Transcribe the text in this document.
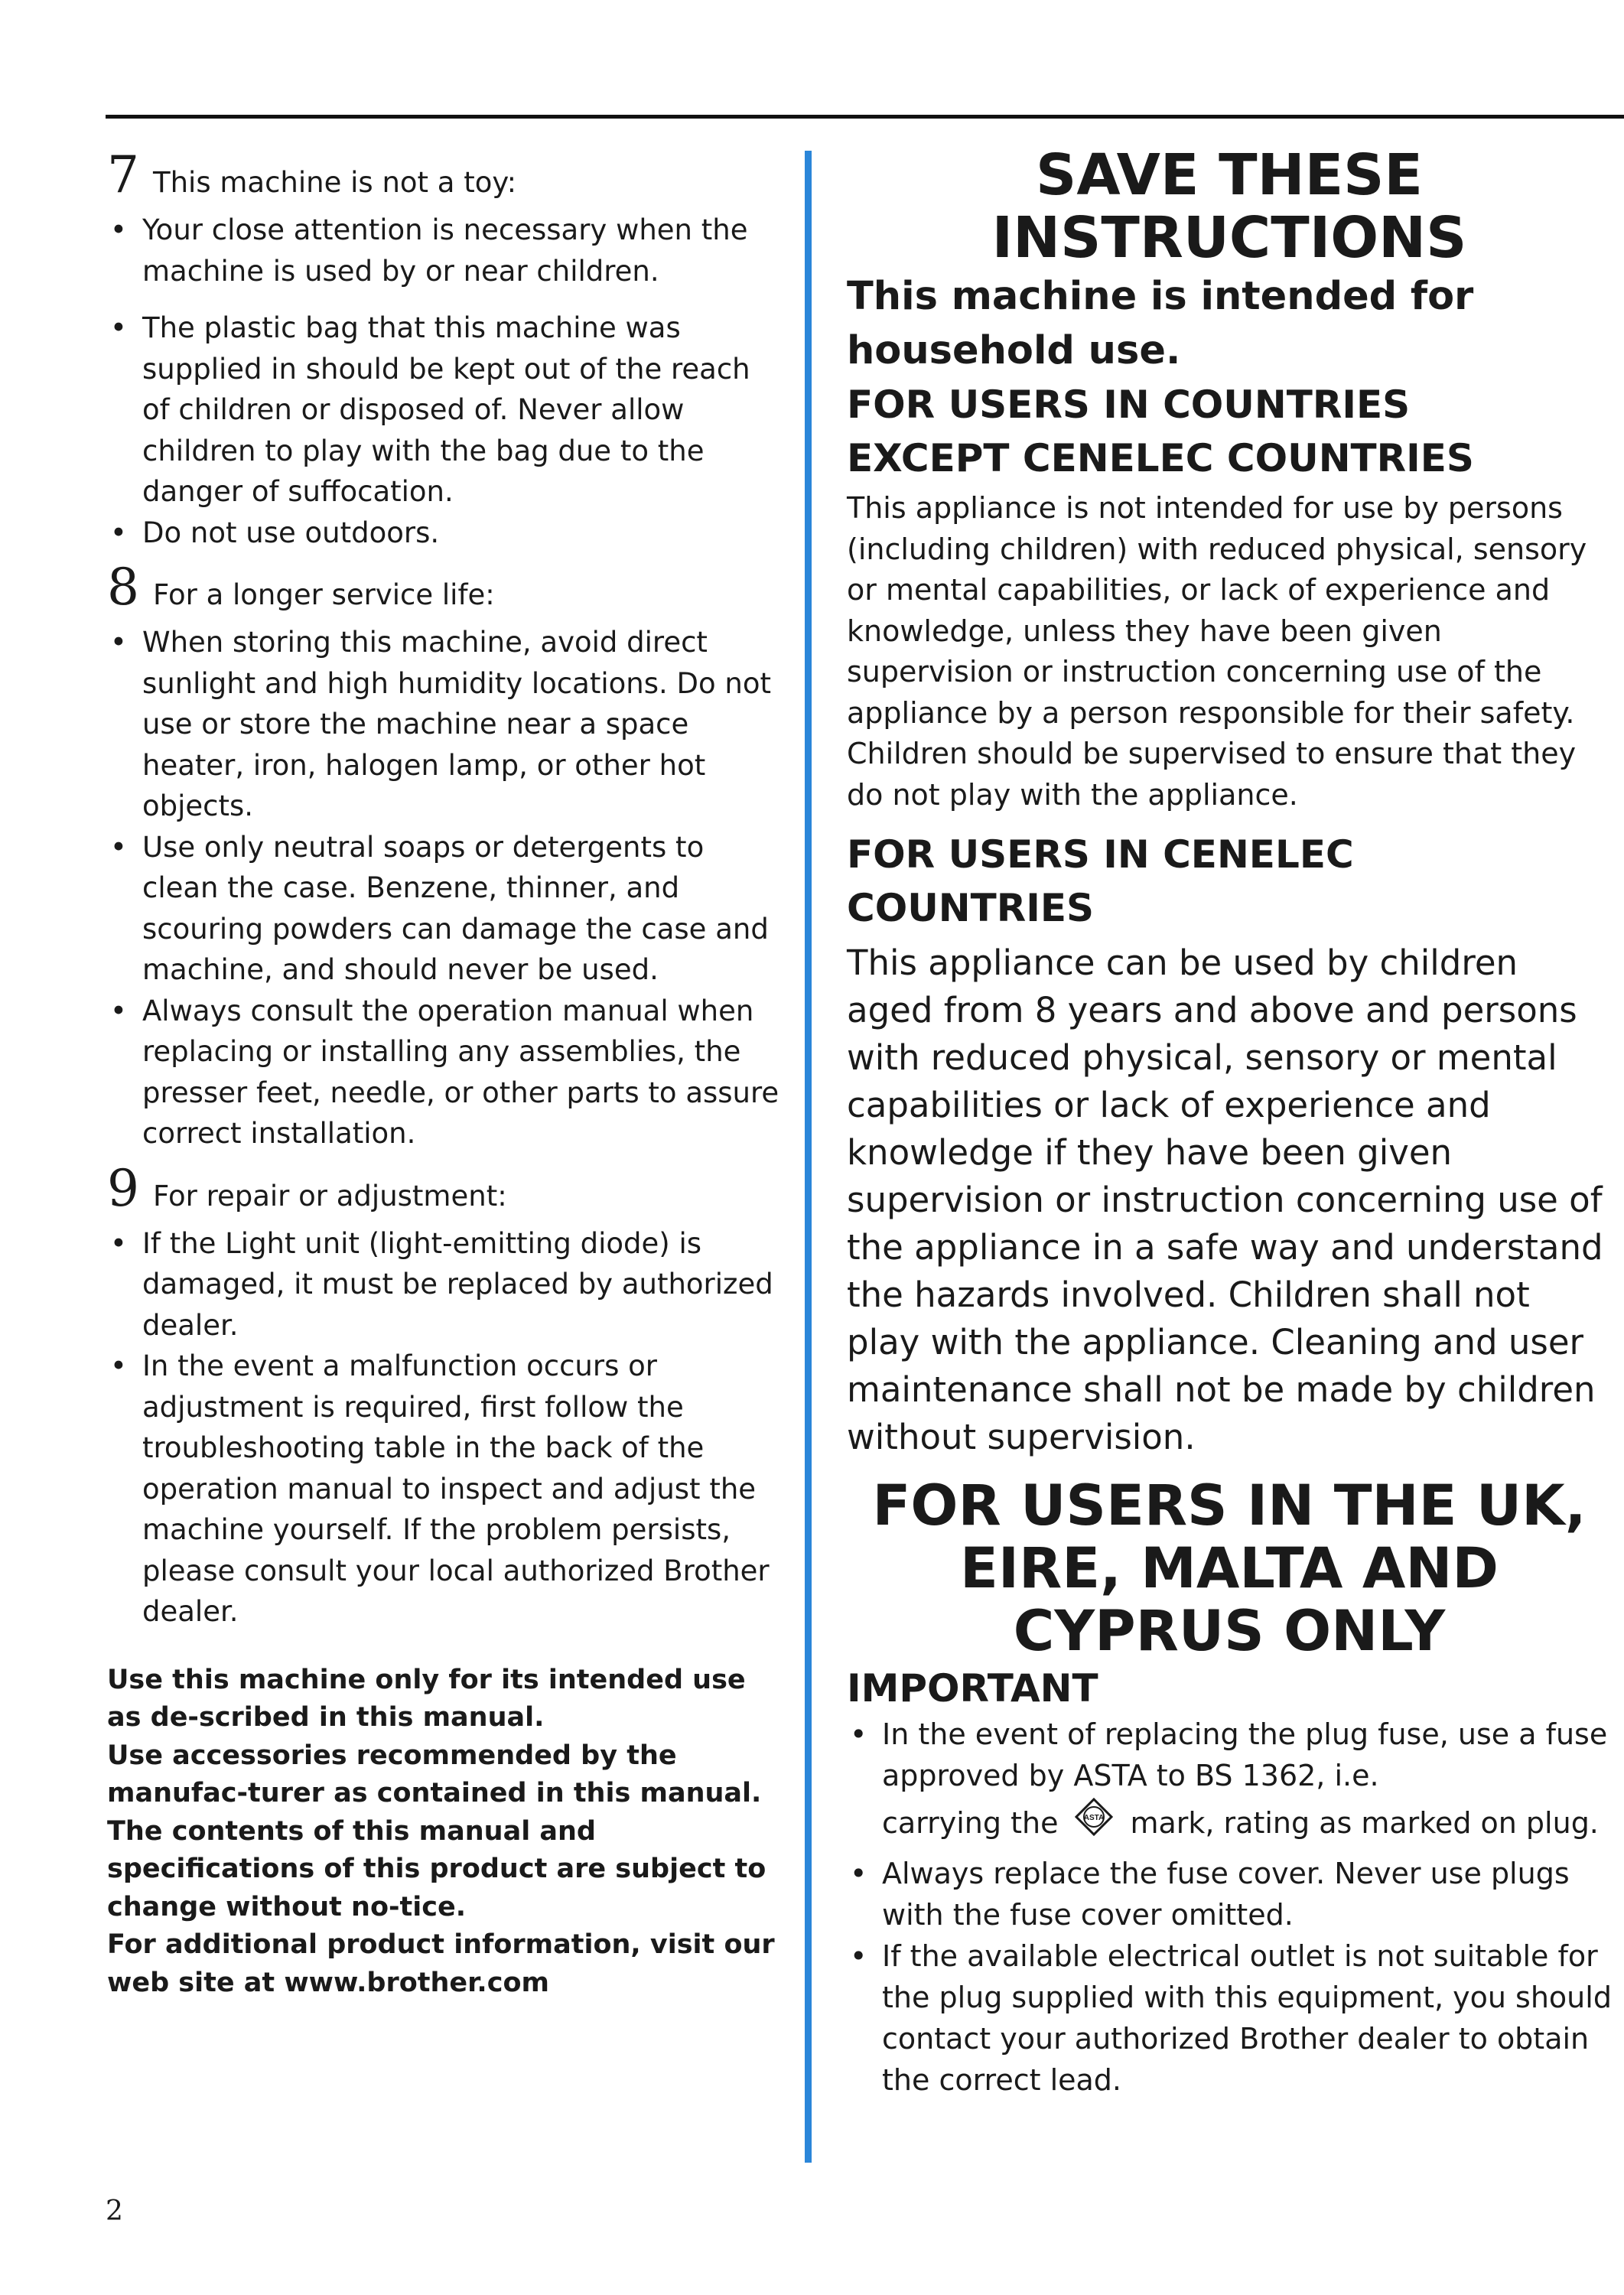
7 This machine is not a toy:
• Your close attention is necessary when the machine is used by or near children.
• The plastic bag that this machine was supplied in should be kept out of the reach of children or disposed of. Never allow children to play with the bag due to the danger of suffocation.
• Do not use outdoors.
8 For a longer service life:
• When storing this machine, avoid direct sunlight and high humidity locations. Do not use or store the machine near a space heater, iron, halogen lamp, or other hot objects.
• Use only neutral soaps or detergents to clean the case. Benzene, thinner, and scouring powders can damage the case and machine, and should never be used.
• Always consult the operation manual when replacing or installing any assemblies, the presser feet, needle, or other parts to assure correct installation.
9 For repair or adjustment:
• If the Light unit (light-emitting diode) is damaged, it must be replaced by authorized dealer.
• In the event a malfunction occurs or adjustment is required, first follow the troubleshooting table in the back of the operation manual to inspect and adjust the machine yourself. If the problem persists, please consult your local authorized Brother dealer.

Use this machine only for its intended use as de-scribed in this manual.

Use accessories recommended by the manufac-turer as contained in this manual.

The contents of this manual and specifications of this product are subject to change without no-tice.

For additional product information, visit our web site at www.brother.com

SAVE THESE INSTRUCTIONS

This machine is intended for household use.

FOR USERS IN COUNTRIES EXCEPT CENELEC COUNTRIES

This appliance is not intended for use by persons (including children) with reduced physical, sensory or mental capabilities, or lack of experience and knowledge, unless they have been given supervision or instruction concerning use of the appliance by a person responsible for their safety. Children should be supervised to ensure that they do not play with the appliance.

FOR USERS IN CENELEC COUNTRIES

This appliance can be used by children aged from 8 years and above and persons with reduced physical, sensory or mental capabilities or lack of experience and knowledge if they have been given supervision or instruction concerning use of the appliance in a safe way and understand the hazards involved. Children shall not play with the appliance. Cleaning and user maintenance shall not be made by children without supervision.

FOR USERS IN THE UK, EIRE, MALTA AND CYPRUS ONLY

IMPORTANT

• In the event of replacing the plug fuse, use a fuse approved by ASTA to BS 1362, i.e.
carrying the	ASTA mark, rating as marked on plug.
• Always replace the fuse cover. Never use plugs with the fuse cover omitted.
• If the available electrical outlet is not suitable for the plug supplied with this equipment, you should contact your authorized Brother dealer to obtain the correct lead.
2
